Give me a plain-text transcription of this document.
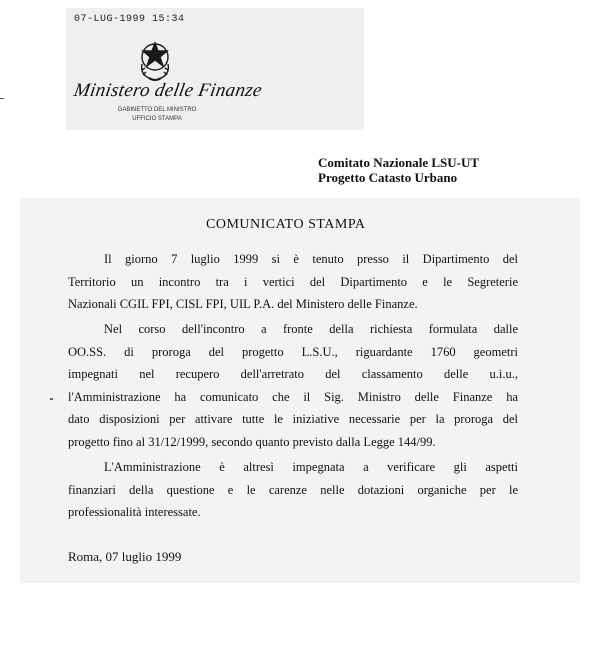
07-LUG-1999 15:34
Ministero delle Finanze
GABINETTO DEL MINISTRO
UFFICIO STAMPA
Comitato Nazionale LSU-UT
Progetto Catasto Urbano
COMUNICATO STAMPA
Il giorno 7 luglio 1999 si è tenuto presso il Dipartimento del
Territorio un incontro tra i vertici del Dipartimento e le Segreterie
Nazionali CGIL FPI, CISL FPI, UIL P.A. del Ministero delle Finanze.
Nel corso dell'incontro a fronte della richiesta formulata dalle
OO.SS. di proroga del progetto L.S.U., riguardante 1760 geometri
impegnati nel recupero dell'arretrato del classamento delle u.i.u.,
l'Amministrazione ha comunicato che il Sig. Ministro delle Finanze ha
dato disposizioni per attivare tutte le iniziative necessarie per la proroga del
progetto fino al 31/12/1999, secondo quanto previsto dalla Legge 144/99.
L'Amministrazione è altresì impegnata a verificare gli aspetti
finanziari della questione e le carenze nelle dotazioni organiche per le
professionalità interessate.
Roma, 07 luglio 1999
